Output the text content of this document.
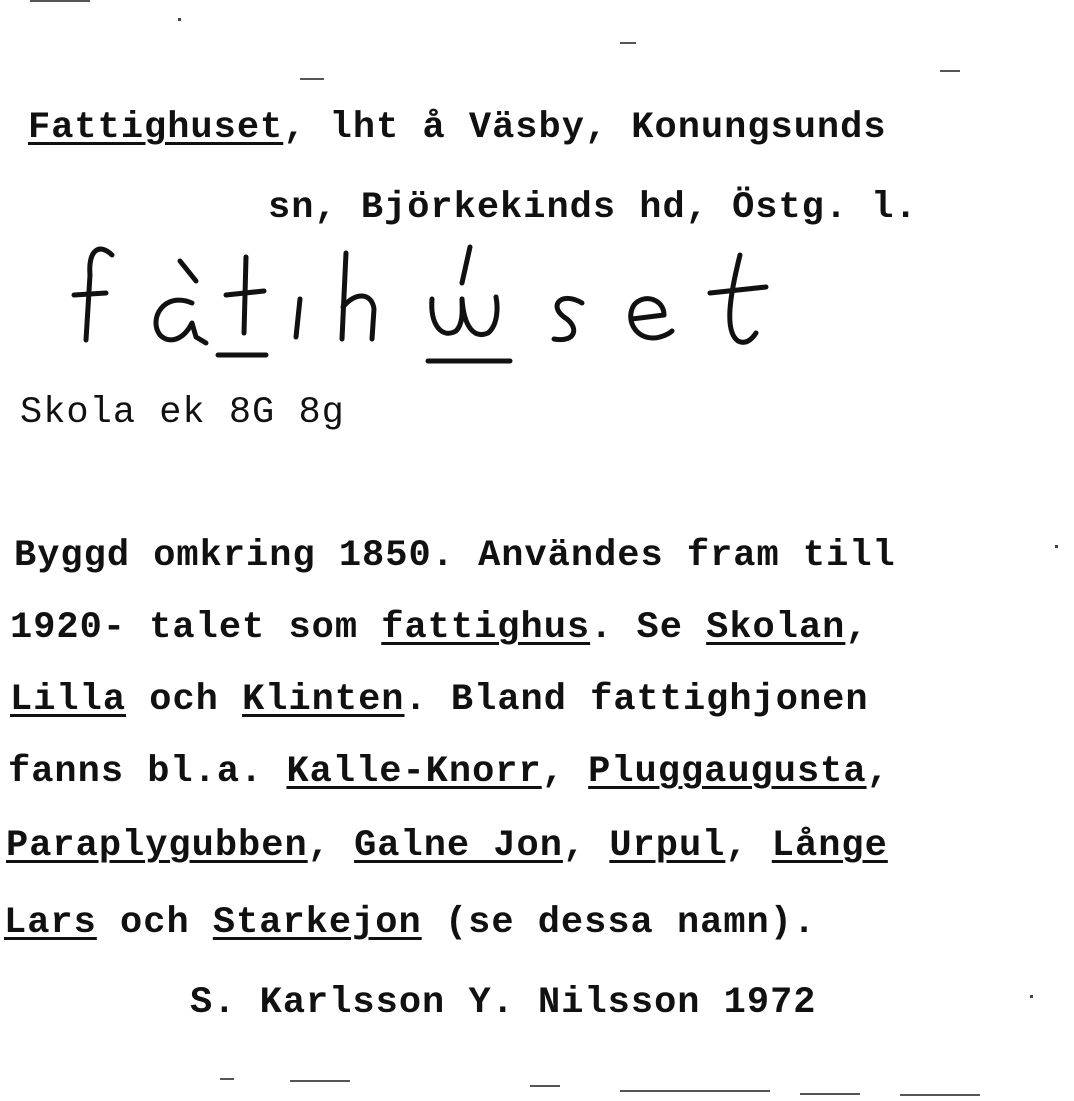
Fattighuset, lht å Väsby, Konungsunds
sn, Björkekinds hd, Östg. l.
Skola ek 8G 8g
Byggd omkring 1850. Användes fram till
1920- talet som fattighus. Se Skolan,
Lilla och Klinten. Bland fattighjonen
fanns bl.a. Kalle-Knorr, Pluggaugusta,
Paraplygubben, Galne Jon, Urpul, Långe
Lars och Starkejon (se dessa namn).
S. Karlsson Y. Nilsson 1972
